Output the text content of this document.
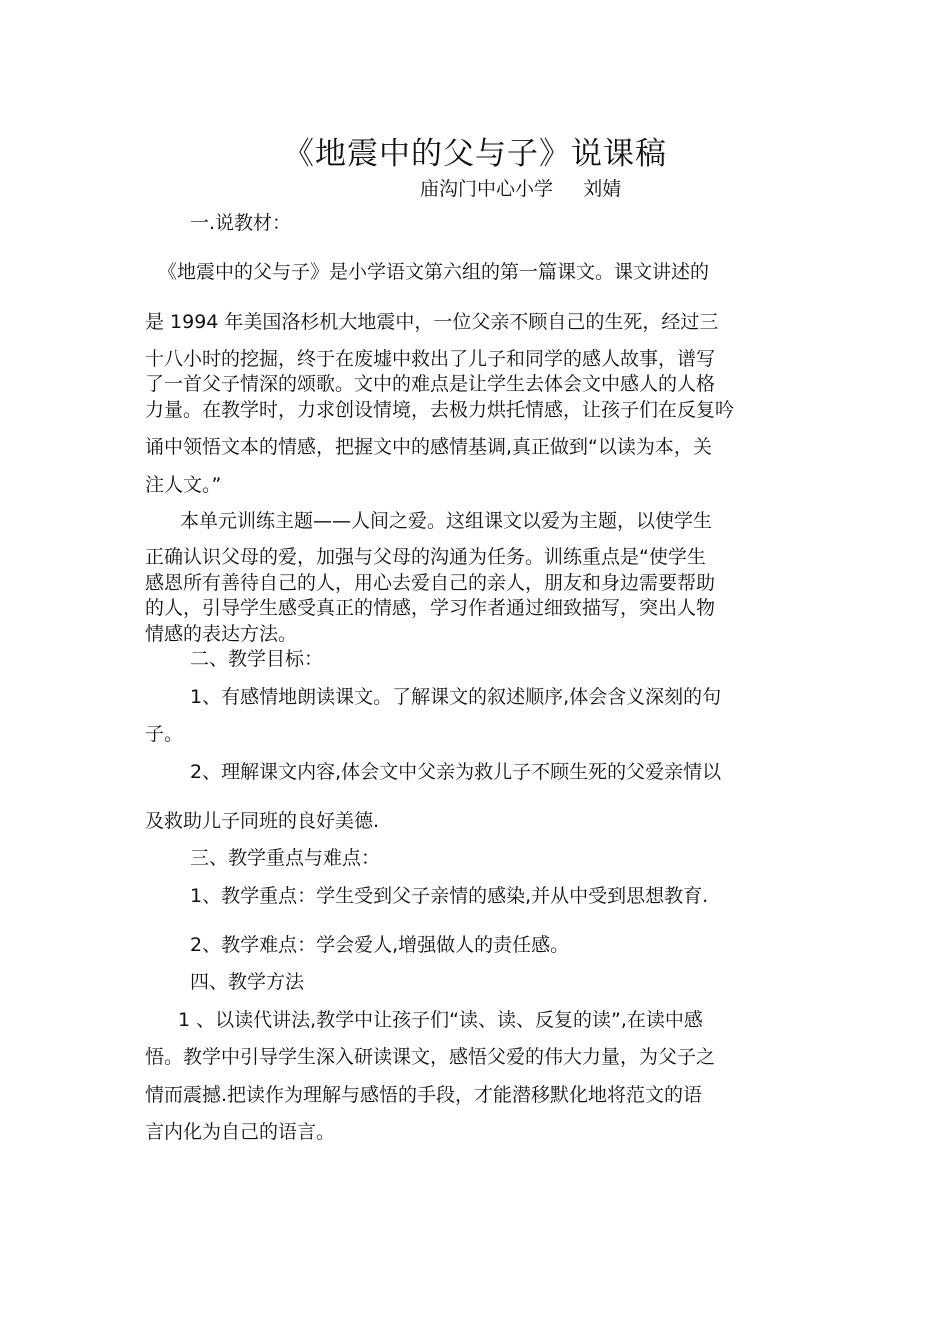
《地震中的父与子》说课稿
庙沟门中心小学     刘婧
一.说教材：
《地震中的父与子》是小学语文第六组的第一篇课文。课文讲述的
是 1994 年美国洛杉机大地震中，一位父亲不顾自己的生死，经过三
十八小时的挖掘，终于在废墟中救出了儿子和同学的感人故事，谱写
了一首父子情深的颂歌。文中的难点是让学生去体会文中感人的人格
力量。在教学时，力求创设情境，去极力烘托情感，让孩子们在反复吟
诵中领悟文本的情感，把握文中的感情基调,真正做到“以读为本，关
注人文。”
本单元训练主题——人间之爱。这组课文以爱为主题，以使学生
正确认识父母的爱，加强与父母的沟通为任务。训练重点是“使学生
感恩所有善待自己的人，用心去爱自己的亲人，朋友和身边需要帮助
的人，引导学生感受真正的情感，学习作者通过细致描写，突出人物
情感的表达方法。
二、教学目标：
1、有感情地朗读课文。了解课文的叙述顺序,体会含义深刻的句
子。
2、理解课文内容,体会文中父亲为救儿子不顾生死的父爱亲情以
及救助儿子同班的良好美德.
三、教学重点与难点：
1、教学重点：学生受到父子亲情的感染,并从中受到思想教育.
2、教学难点：学会爱人,增强做人的责任感。
四、教学方法
1 、以读代讲法,教学中让孩子们“读、读、反复的读”,在读中感
悟。教学中引导学生深入研读课文，感悟父爱的伟大力量，为父子之
情而震撼.把读作为理解与感悟的手段，才能潜移默化地将范文的语
言内化为自己的语言。
